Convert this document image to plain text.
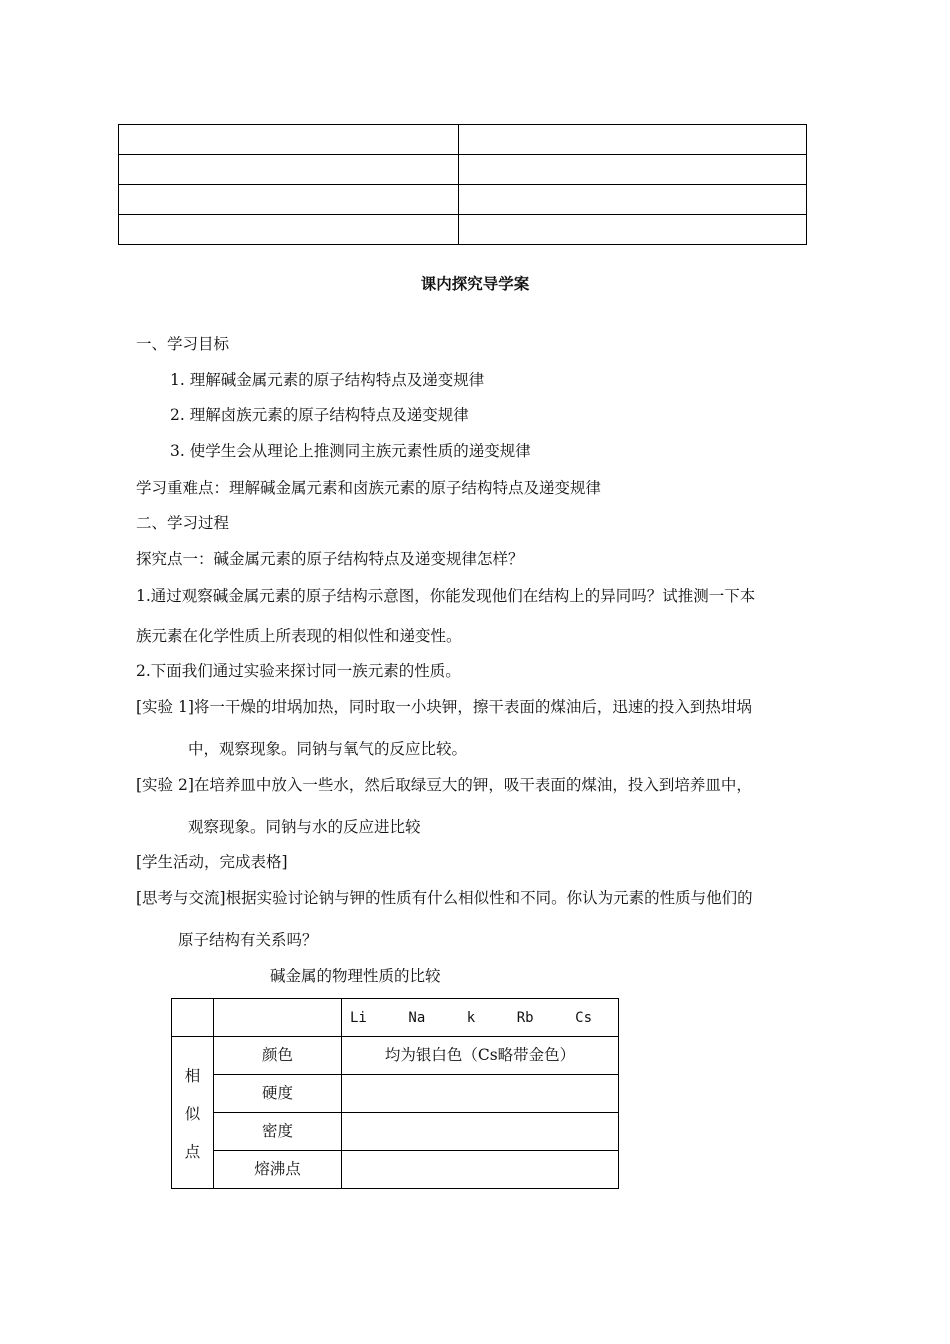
课内探究导学案
一、学习目标
1. 理解碱金属元素的原子结构特点及递变规律
2. 理解卤族元素的原子结构特点及递变规律
3. 使学生会从理论上推测同主族元素性质的递变规律
学习重难点：理解碱金属元素和卤族元素的原子结构特点及递变规律
二、学习过程
探究点一：碱金属元素的原子结构特点及递变规律怎样？
1.通过观察碱金属元素的原子结构示意图，你能发现他们在结构上的异同吗？试推测一下本
族元素在化学性质上所表现的相似性和递变性。
2.下面我们通过实验来探讨同一族元素的性质。
[实验 1]将一干燥的坩埚加热，同时取一小块钾，擦干表面的煤油后，迅速的投入到热坩埚
中，观察现象。同钠与氧气的反应比较。
[实验 2]在培养皿中放入一些水，然后取绿豆大的钾，吸干表面的煤油，投入到培养皿中，
观察现象。同钠与水的反应进比较
[学生活动，完成表格]
[思考与交流]根据实验讨论钠与钾的性质有什么相似性和不同。你认为元素的性质与他们的
原子结构有关系吗？
碱金属的物理性质的比较

		Li Na k Rb Cs

相
似
点	颜色	均为银白色（Cs略带金色）

	硬度	

	密度	

	熔沸点	
